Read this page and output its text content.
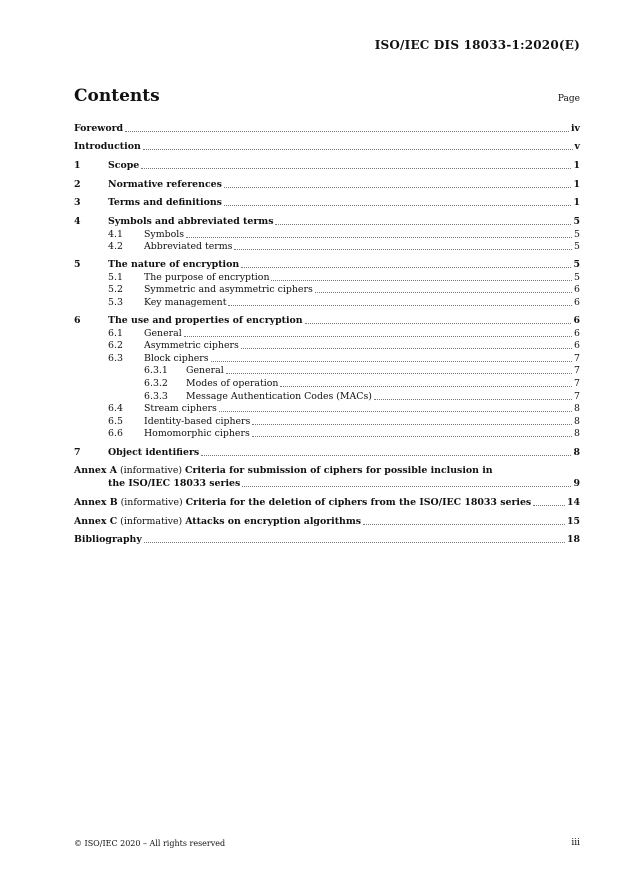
ISO/IEC DIS 18033-1:2020(E)
Contents	Page
Foreword	iv
Introduction	v
1	Scope	1
2	Normative references	1
3	Terms and definitions	1
4	Symbols and abbreviated terms	5
4.1 Symbols	5
4.2 Abbreviated terms	5
5	The nature of encryption	5
5.1 The purpose of encryption	5
5.2 Symmetric and asymmetric ciphers	6
5.3 Key management	6
6	The use and properties of encryption	6
6.1 General	6
6.2 Asymmetric ciphers	6
6.3 Block ciphers	7
6.3.1 General	7
6.3.2 Modes of operation	7
6.3.3 Message Authentication Codes (MACs)	7
6.4 Stream ciphers	8
6.5 Identity-based ciphers	8
6.6 Homomorphic ciphers	8
7	Object identifiers	8
Annex A (informative) Criteria for submission of ciphers for possible inclusion in
the ISO/IEC 18033 series	9
Annex B (informative) Criteria for the deletion of ciphers from the ISO/IEC 18033 series	14
Annex C (informative) Attacks on encryption algorithms	15
Bibliography	18
© ISO/IEC 2020 – All rights reserved	iii
